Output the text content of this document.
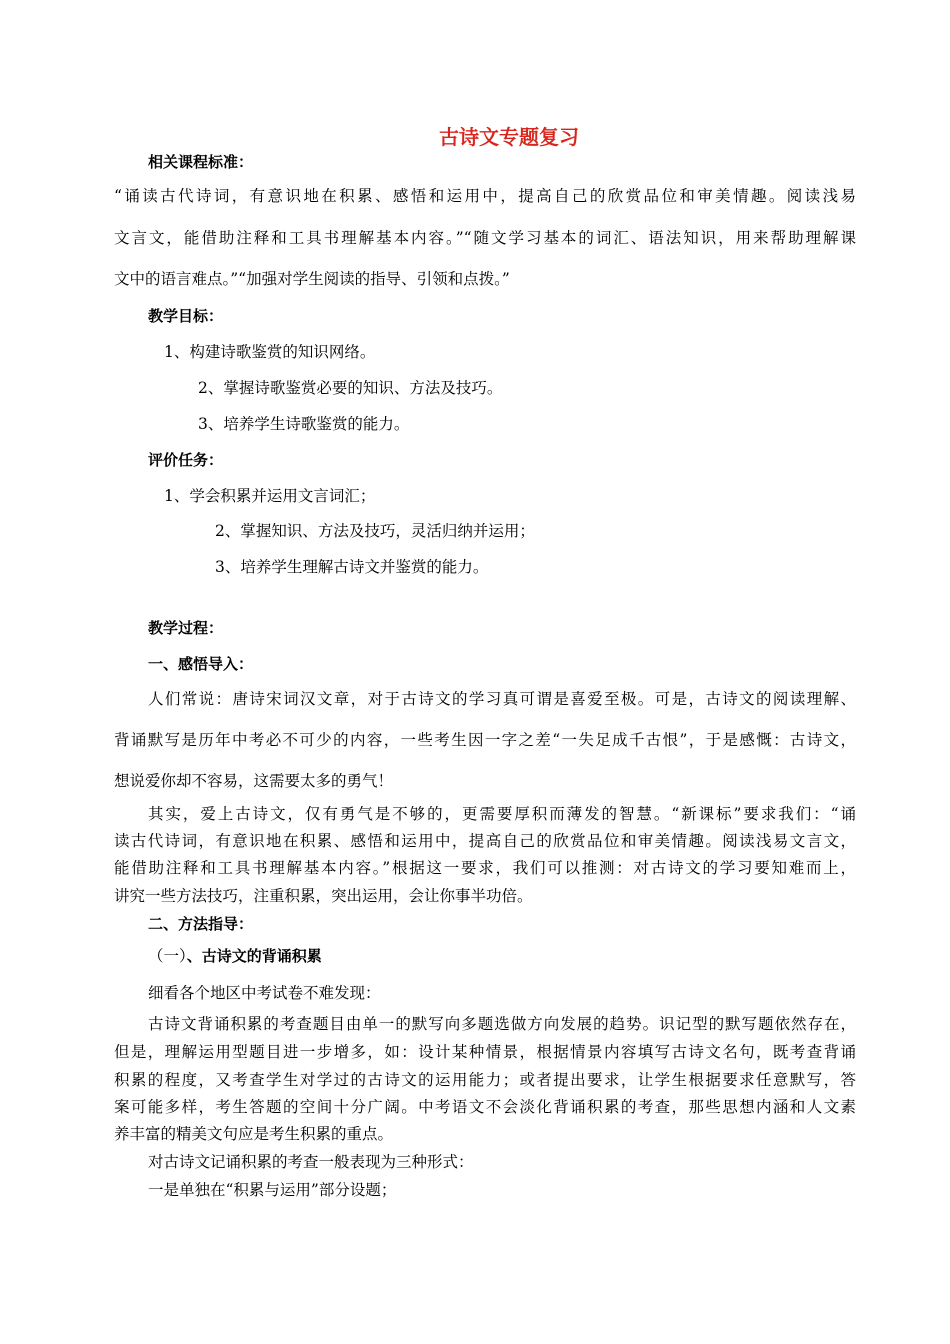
古诗文专题复习
相关课程标准：
“诵读古代诗词，有意识地在积累、感悟和运用中，提高自己的欣赏品位和审美情趣。阅读浅易
文言文，能借助注释和工具书理解基本内容。”“随文学习基本的词汇、语法知识，用来帮助理解课
文中的语言难点。”“加强对学生阅读的指导、引领和点拨。”
教学目标：
1、构建诗歌鉴赏的知识网络。
2、掌握诗歌鉴赏必要的知识、方法及技巧。
3、培养学生诗歌鉴赏的能力。
评价任务：
1、学会积累并运用文言词汇；
2、掌握知识、方法及技巧，灵活归纳并运用；
3、培养学生理解古诗文并鉴赏的能力。
教学过程：
一、感悟导入：
人们常说：唐诗宋词汉文章，对于古诗文的学习真可谓是喜爱至极。可是，古诗文的阅读理解、
背诵默写是历年中考必不可少的内容，一些考生因一字之差“一失足成千古恨”，于是感慨：古诗文，
想说爱你却不容易，这需要太多的勇气！
其实，爱上古诗文，仅有勇气是不够的，更需要厚积而薄发的智慧。“新课标”要求我们：“诵
读古代诗词，有意识地在积累、感悟和运用中，提高自己的欣赏品位和审美情趣。阅读浅易文言文，
能借助注释和工具书理解基本内容。”根据这一要求，我们可以推测：对古诗文的学习要知难而上，
讲究一些方法技巧，注重积累，突出运用，会让你事半功倍。
二、方法指导：
（一）、古诗文的背诵积累
细看各个地区中考试卷不难发现：
古诗文背诵积累的考查题目由单一的默写向多题选做方向发展的趋势。识记型的默写题依然存在，
但是，理解运用型题目进一步增多，如：设计某种情景，根据情景内容填写古诗文名句，既考查背诵
积累的程度，又考查学生对学过的古诗文的运用能力；或者提出要求，让学生根据要求任意默写，答
案可能多样，考生答题的空间十分广阔。中考语文不会淡化背诵积累的考查，那些思想内涵和人文素
养丰富的精美文句应是考生积累的重点。
对古诗文记诵积累的考查一般表现为三种形式：
一是单独在“积累与运用”部分设题；
